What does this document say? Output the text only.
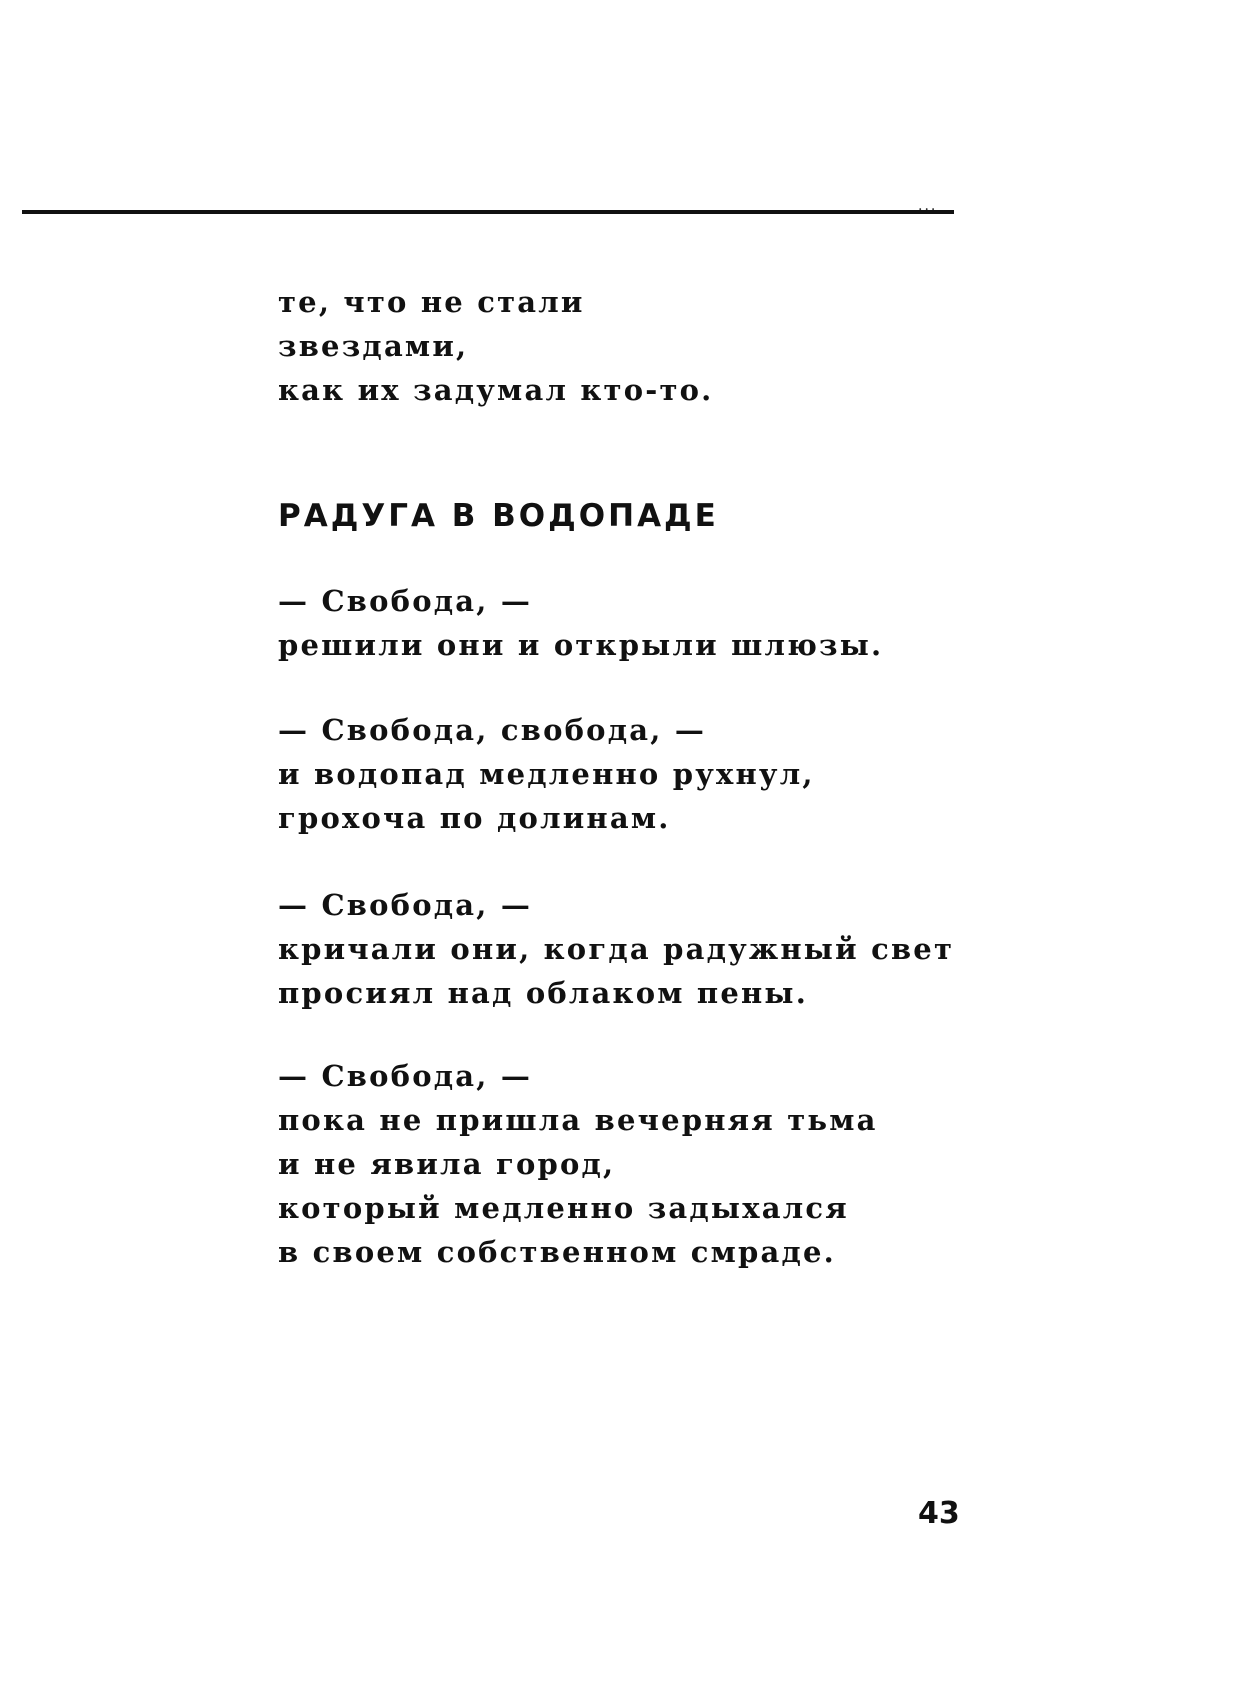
...
те, что не стали
звездами,
как их задумал кто-то.
РАДУГА В ВОДОПАДЕ
— Свобода, —
решили они и открыли шлюзы.
— Свобода, свобода, —
и водопад медленно рухнул,
грохоча по долинам.
— Свобода, —
кричали они, когда радужный свет
просиял над облаком пены.
— Свобода, —
пока не пришла вечерняя тьма
и не явила город,
который медленно задыхался
в своем собственном смраде.
43
